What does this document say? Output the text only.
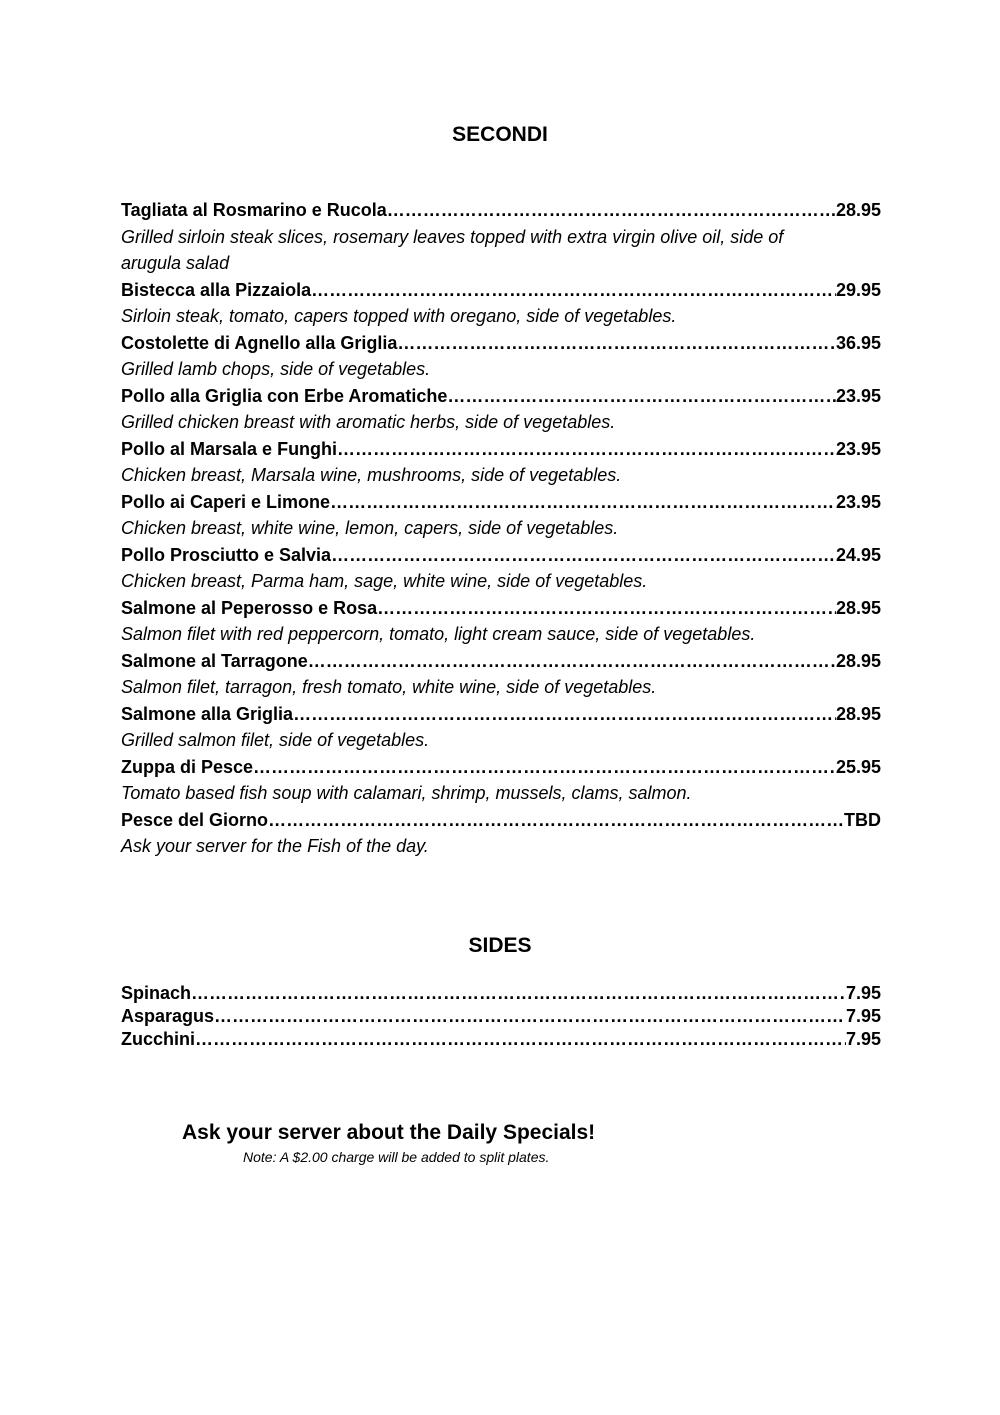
SECONDI
Tagliata al Rosmarino e Rucola ………………………………………………………………………………………………………………………………………………………………	28.95
Grilled sirloin steak slices, rosemary leaves topped with extra virgin olive oil, side of arugula salad
Bistecca alla Pizzaiola ………………………………………………………………………………………………………………………………………………………………	29.95
Sirloin steak, tomato, capers topped with oregano, side of vegetables.
Costolette di Agnello alla Griglia ………………………………………………………………………………………………………………………………………………………………	36.95
Grilled lamb chops, side of vegetables.
Pollo alla Griglia con Erbe Aromatiche ………………………………………………………………………………………………………………………………………………………………	23.95
Grilled chicken breast with aromatic herbs, side of vegetables.
Pollo al Marsala e Funghi ………………………………………………………………………………………………………………………………………………………………	23.95
Chicken breast, Marsala wine, mushrooms, side of vegetables.
Pollo ai Caperi e Limone ………………………………………………………………………………………………………………………………………………………………	23.95
Chicken breast, white wine, lemon, capers, side of vegetables.
Pollo Prosciutto e Salvia ………………………………………………………………………………………………………………………………………………………………	24.95
Chicken breast, Parma ham, sage, white wine, side of vegetables.
Salmone al Peperosso e Rosa ………………………………………………………………………………………………………………………………………………………………	28.95
Salmon filet with red peppercorn, tomato, light cream sauce, side of vegetables.
Salmone al Tarragone ………………………………………………………………………………………………………………………………………………………………	28.95
Salmon filet, tarragon, fresh tomato, white wine, side of vegetables.
Salmone alla Griglia ………………………………………………………………………………………………………………………………………………………………	28.95
Grilled salmon filet, side of vegetables.
Zuppa di Pesce ………………………………………………………………………………………………………………………………………………………………	25.95
Tomato based fish soup with calamari, shrimp, mussels, clams, salmon.
Pesce del Giorno ………………………………………………………………………………………………………………………………………………………………	TBD
Ask your server for the Fish of the day.
SIDES
Spinach ………………………………………………………………………………………………………………………………………………………………	7.95
Asparagus ………………………………………………………………………………………………………………………………………………………………	7.95
Zucchini ………………………………………………………………………………………………………………………………………………………………	7.95

Ask your server about the Daily Specials!

Note: A $2.00 charge will be added to split plates.
